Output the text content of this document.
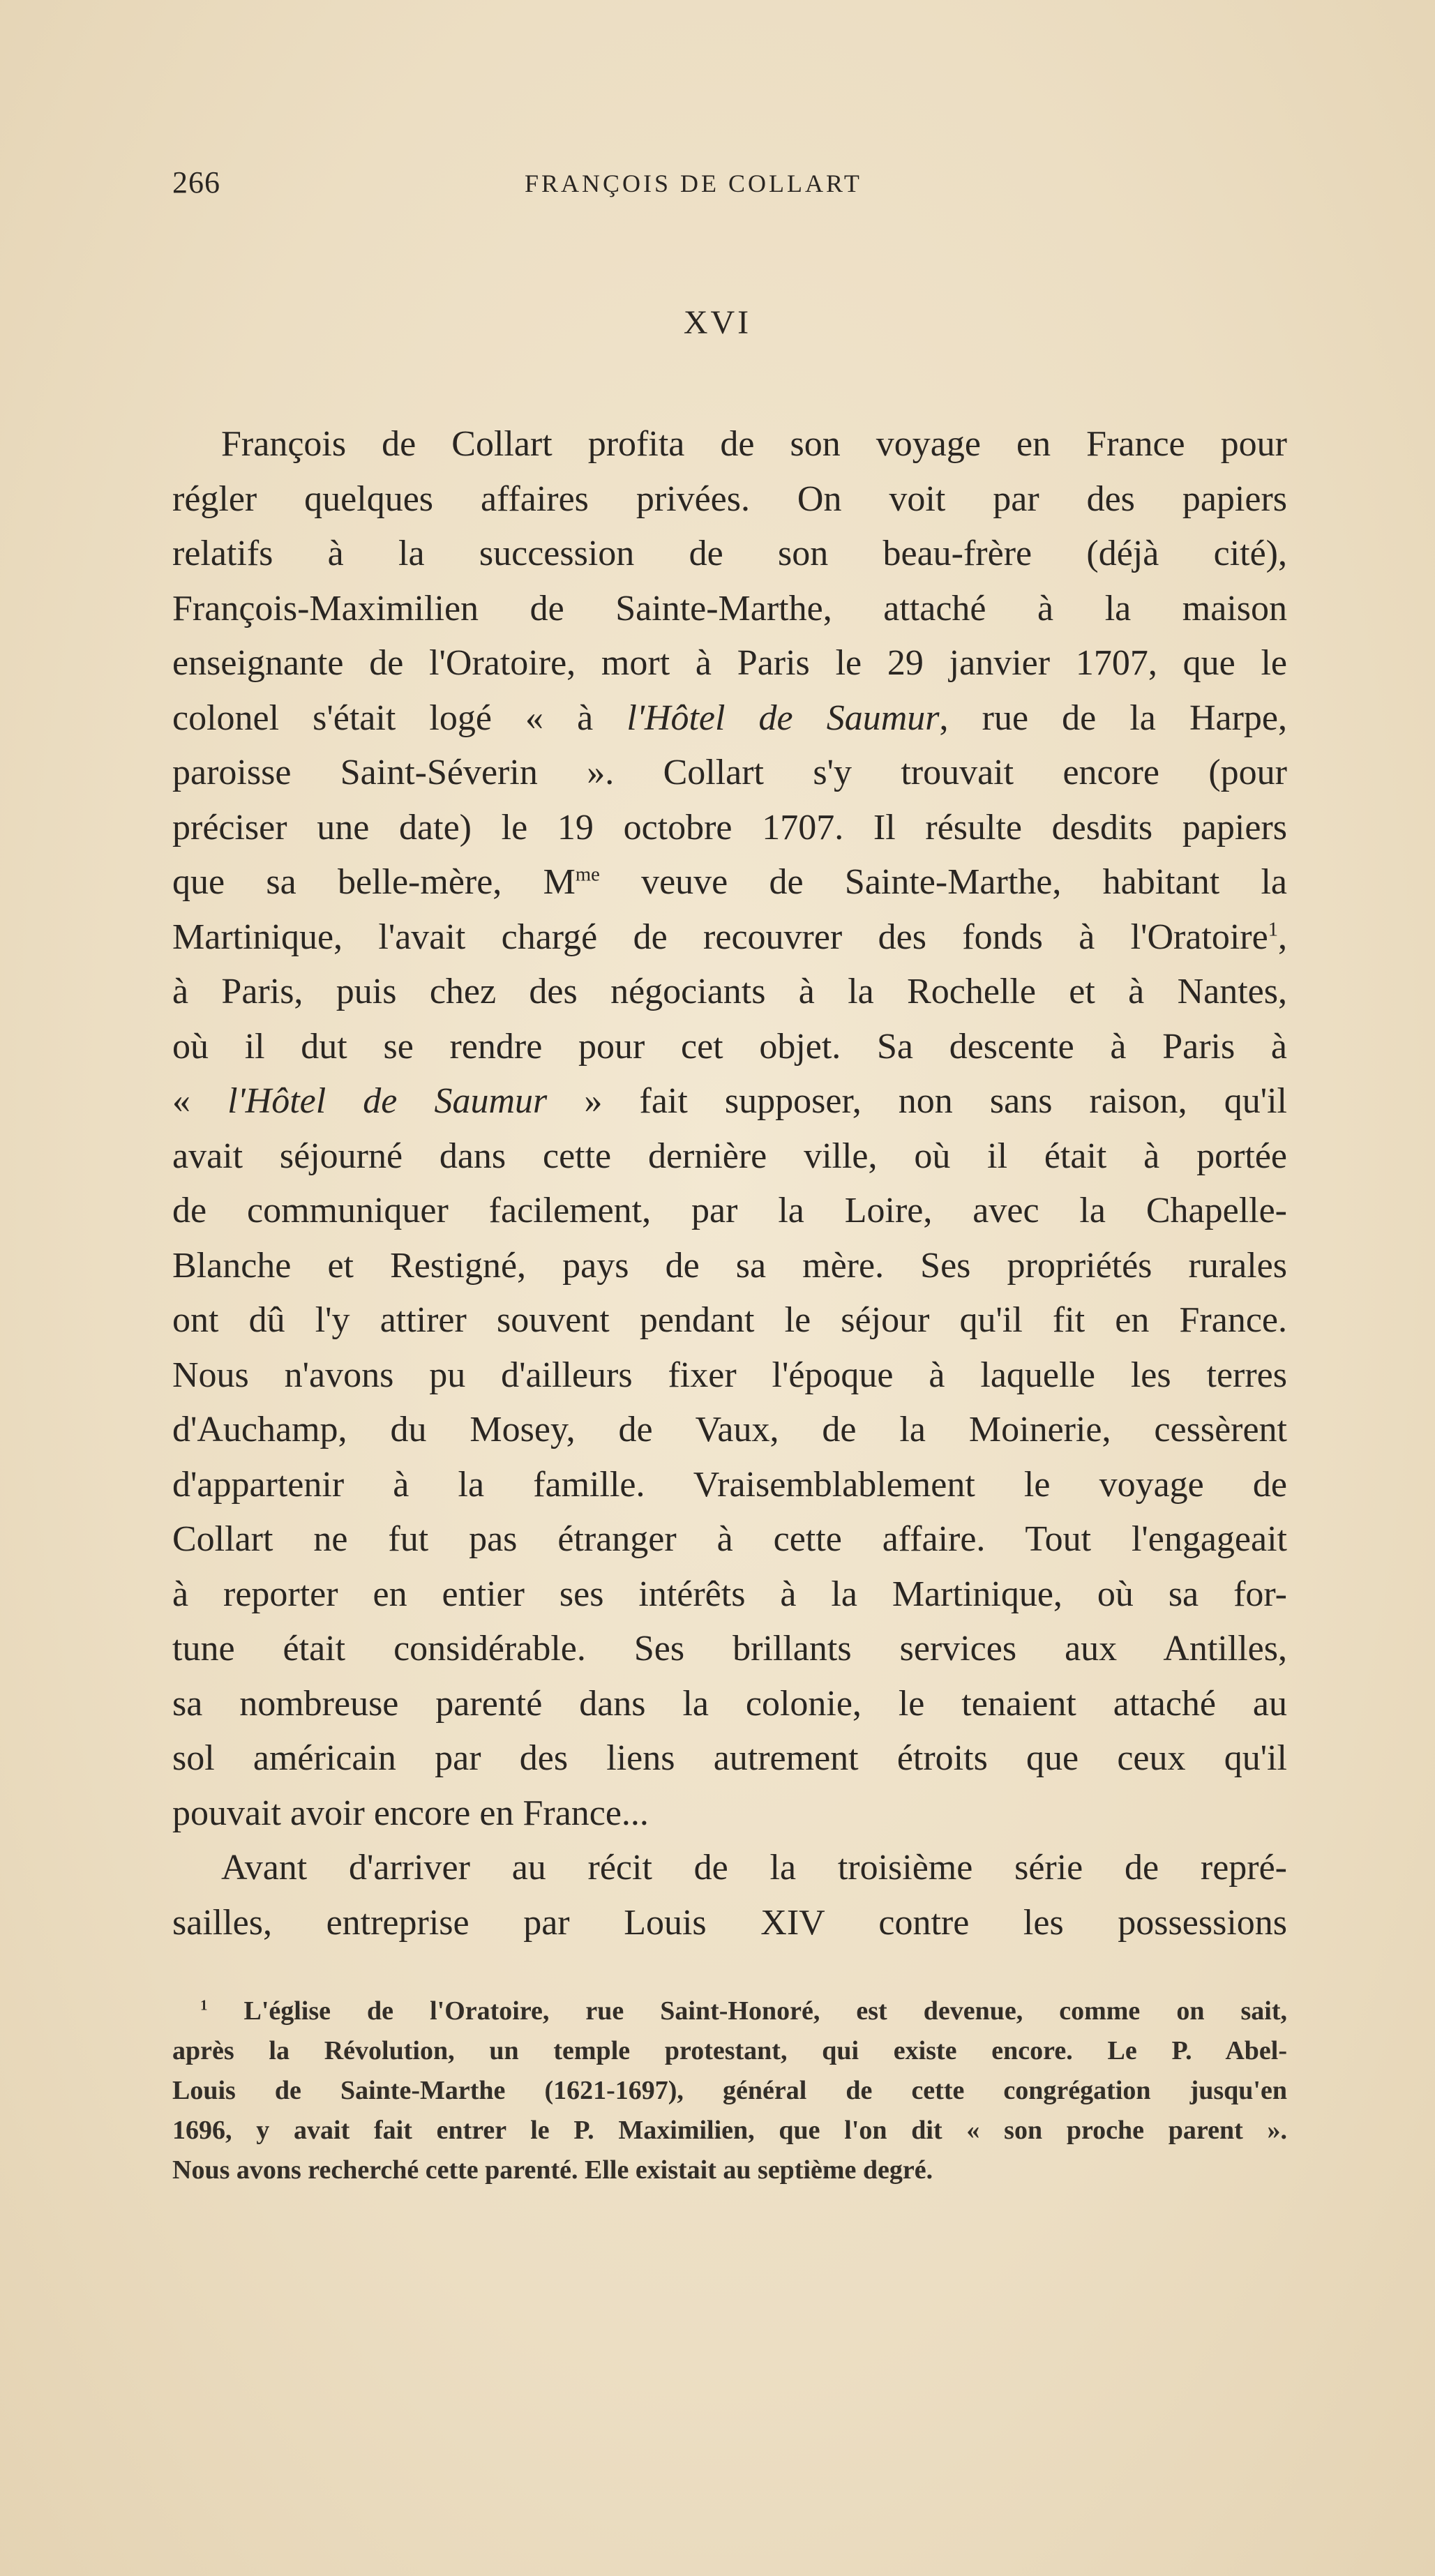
266	FRANÇOIS DE COLLART
XVI
François de Collart profita de son voyage en France pour
régler quelques affaires privées. On voit par des papiers
relatifs à la succession de son beau-frère (déjà cité),
François-Maximilien de Sainte-Marthe, attaché à la maison
enseignante de l'Oratoire, mort à Paris le 29 janvier 1707, que le
colonel s'était logé « à l'Hôtel de Saumur, rue de la Harpe,
paroisse Saint-Séverin ». Collart s'y trouvait encore (pour
préciser une date) le 19 octobre 1707. Il résulte desdits papiers
que sa belle-mère, $M^{me}$ veuve de Sainte-Marthe, habitant la
Martinique, l'avait chargé de recouvrer des fonds à l'Oratoire$^1$,
à Paris, puis chez des négociants à la Rochelle et à Nantes,
où il dut se rendre pour cet objet. Sa descente à Paris à
« l'Hôtel de Saumur » fait supposer, non sans raison, qu'il
avait séjourné dans cette dernière ville, où il était à portée
de communiquer facilement, par la Loire, avec la Chapelle-
Blanche et Restigné, pays de sa mère. Ses propriétés rurales
ont dû l'y attirer souvent pendant le séjour qu'il fit en France.
Nous n'avons pu d'ailleurs fixer l'époque à laquelle les terres
d'Auchamp, du Mosey, de Vaux, de la Moinerie, cessèrent
d'appartenir à la famille. Vraisemblablement le voyage de
Collart ne fut pas étranger à cette affaire. Tout l'engageait
à reporter en entier ses intérêts à la Martinique, où sa for-
tune était considérable. Ses brillants services aux Antilles,
sa nombreuse parenté dans la colonie, le tenaient attaché au
sol américain par des liens autrement étroits que ceux qu'il
pouvait avoir encore en France...
Avant d'arriver au récit de la troisième série de repré-
sailles, entreprise par Louis XIV contre les possessions
$^1$ L'église de l'Oratoire, rue Saint-Honoré, est devenue, comme on sait,
après la Révolution, un temple protestant, qui existe encore. Le P. Abel-
Louis de Sainte-Marthe (1621-1697), général de cette congrégation jusqu'en
1696, y avait fait entrer le P. Maximilien, que l'on dit « son proche parent ».
Nous avons recherché cette parenté. Elle existait au septième degré.
